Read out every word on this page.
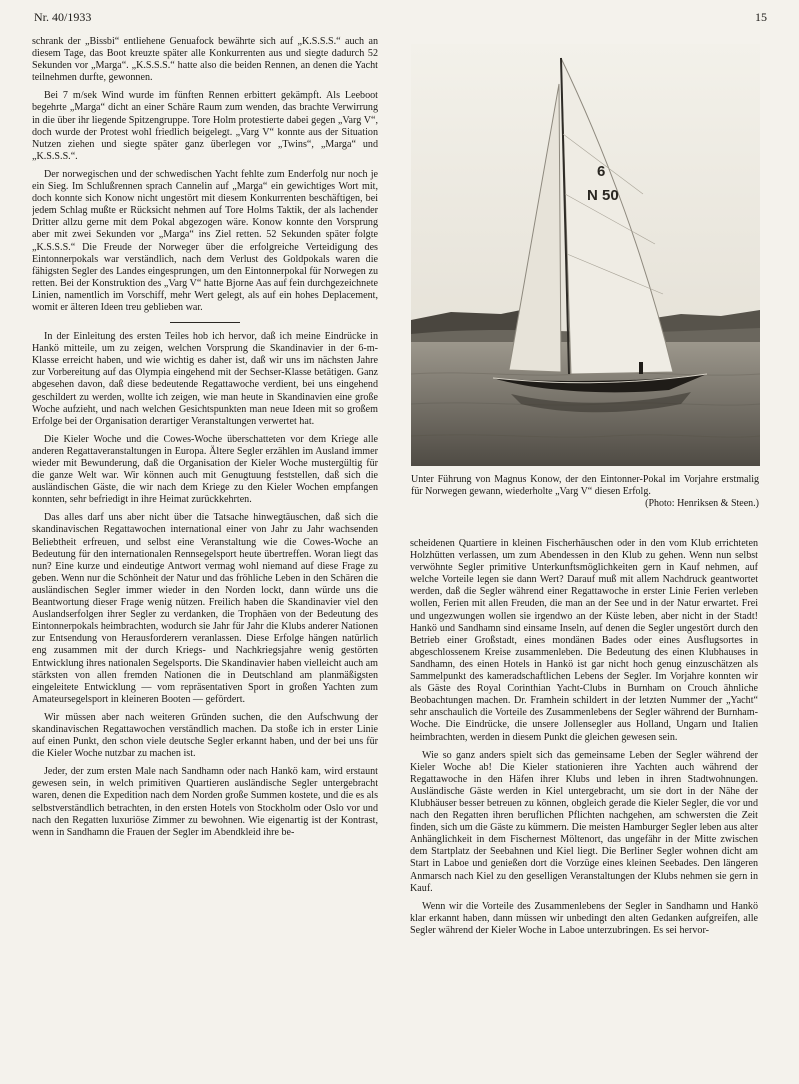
Nr. 40/1933	15

schrank der „Bissbi“ entliehene Genuafock bewährte sich auf „K.S.S.S.“ auch an diesem Tage, das Boot kreuzte später alle Konkurrenten aus und siegte dadurch 52 Sekunden vor „Marga“. „K.S.S.S.“ hatte also die beiden Rennen, an denen die Yacht teilnehmen durfte, gewonnen.

Bei 7 m/sek Wind wurde im fünften Rennen erbittert gekämpft. Als Leeboot begehrte „Marga“ dicht an einer Schäre Raum zum wenden, das brachte Verwirrung in die über ihr liegende Spitzengruppe. Tore Holm protestierte dabei gegen „Varg V“, doch wurde der Protest wohl friedlich beigelegt. „Varg V“ konnte aus der Situation Nutzen ziehen und siegte später ganz überlegen vor „Twins“, „Marga“ und „K.S.S.S.“.

Der norwegischen und der schwedischen Yacht fehlte zum Enderfolg nur noch je ein Sieg. Im Schlußrennen sprach Cannelin auf „Marga“ ein gewichtiges Wort mit, doch konnte sich Konow nicht ungestört mit diesem Konkurrenten beschäftigen, bei jedem Schlag mußte er Rücksicht nehmen auf Tore Holms Taktik, der als lachender Dritter allzu gerne mit dem Pokal abgezogen wäre. Konow konnte den Vorsprung aber mit zwei Sekunden vor „Marga“ ins Ziel retten. 52 Sekunden später folgte „K.S.S.S.“ Die Freude der Norweger über die erfolgreiche Verteidigung des Eintonnerpokals war verständlich, nach dem Verlust des Goldpokals waren die fähigsten Segler des Landes eingesprungen, um den Eintonnerpokal für Norwegen zu retten. Bei der Konstruktion des „Varg V“ hatte Bjorne Aas auf fein durchgezeichnete Linien, namentlich im Vorschiff, mehr Wert gelegt, als auf ein hohes Deplacement, womit er älteren Ideen treu geblieben war.

In der Einleitung des ersten Teiles hob ich hervor, daß ich meine Eindrücke in Hankö mitteile, um zu zeigen, welchen Vorsprung die Skandinavier in der 6-m-Klasse erreicht haben, und wie wichtig es daher ist, daß wir uns im nächsten Jahre zur Vorbereitung auf das Olympia eingehend mit der Sechser-Klasse betätigen. Ganz abgesehen davon, daß diese bedeutende Regattawoche verdient, bei uns eingehend geschildert zu werden, wollte ich zeigen, wie man heute in Skandinavien eine große Woche aufzieht, und nach welchen Gesichtspunkten man neue Ideen mit so großem Erfolge bei der Organisation derartiger Veranstaltungen verwertet hat.

Die Kieler Woche und die Cowes-Woche überschatteten vor dem Kriege alle anderen Regattaveranstaltungen in Europa. Ältere Segler erzählen im Ausland immer wieder mit Bewunderung, daß die Organisation der Kieler Woche mustergültig für die ganze Welt war. Wir können auch mit Genugtuung feststellen, daß sich die ausländischen Gäste, die wir nach dem Kriege zu den Kieler Wochen empfangen konnten, sehr befriedigt in ihre Heimat zurückkehrten.

Das alles darf uns aber nicht über die Tatsache hinwegtäuschen, daß sich die skandinavischen Regattawochen international einer von Jahr zu Jahr wachsenden Beliebtheit erfreuen, und selbst eine Veranstaltung wie die Cowes-Woche an Bedeutung für den internationalen Rennsegelsport heute übertreffen. Woran liegt das nun? Eine kurze und eindeutige Antwort vermag wohl niemand auf diese Frage zu geben. Wenn nur die Schönheit der Natur und das fröhliche Leben in den Schären die ausländischen Segler immer wieder in den Norden lockt, dann würde uns die Beantwortung dieser Frage wenig nützen. Freilich haben die Skandinavier viel den Auslandserfolgen ihrer Segler zu verdanken, die Trophäen von der Bedeutung des Eintonnerpokals heimbrachten, wodurch sie Jahr für Jahr die Klubs anderer Nationen zur Entsendung von Herausforderern veranlassen. Diese Erfolge hängen natürlich eng zusammen mit der durch Kriegs- und Nachkriegsjahre wenig gestörten Entwicklung ihres nationalen Segelsports. Die Skandinavier haben vielleicht auch am stärksten von allen fremden Nationen die in Deutschland am planmäßigsten eingeleitete Entwicklung — vom repräsentativen Sport in großen Yachten zum Amateursegelsport in kleineren Booten — gefördert.

Wir müssen aber nach weiteren Gründen suchen, die den Aufschwung der skandinavischen Regattawochen verständlich machen. Da stoße ich in erster Linie auf einen Punkt, den schon viele deutsche Segler erkannt haben, und der bei uns für die Kieler Woche nutzbar zu machen ist.

Jeder, der zum ersten Male nach Sandhamn oder nach Hankö kam, wird erstaunt gewesen sein, in welch primitiven Quartieren ausländische Segler untergebracht waren, denen die Expedition nach dem Norden große Summen kostete, und die es als selbstverständlich betrachten, in den ersten Hotels von Stockholm oder Oslo vor und nach den Regatten luxuriöse Zimmer zu bewohnen. Wie eigenartig ist der Kontrast, wenn in Sandhamn die Frauen der Segler im Abendkleid ihre be-

6
N 50
Unter Führung von Magnus Konow, der den Eintonner-Pokal im Vorjahre erstmalig für Norwegen gewann, wiederholte „Varg V“ diesen Erfolg.
(Photo: Henriksen & Steen.)

scheidenen Quartiere in kleinen Fischerhäuschen oder in den vom Klub errichteten Holzhütten verlassen, um zum Abendessen in den Klub zu gehen. Wenn nun selbst verwöhnte Segler primitive Unterkunftsmöglichkeiten gern in Kauf nehmen, auf welche Vorteile legen sie dann Wert? Darauf muß mit allem Nachdruck geantwortet werden, daß die Segler während einer Regattawoche in erster Linie Ferien verleben wollen, Ferien mit allen Freuden, die man an der See und in der Natur erwartet. Frei und ungezwungen wollen sie irgendwo an der Küste leben, aber nicht in der Stadt! Hankö und Sandhamn sind einsame Inseln, auf denen die Segler ungestört durch den Betrieb einer Großstadt, eines mondänen Bades oder eines Ausflugsortes in abgeschlossenem Kreise zusammenleben. Die Bedeutung des einen Klubhauses in Sandhamn, des einen Hotels in Hankö ist gar nicht hoch genug einzuschätzen als Sammelpunkt des kameradschaftlichen Lebens der Segler. Im Vorjahre konnten wir als Gäste des Royal Corinthian Yacht-Clubs in Burnham on Crouch ähnliche Beobachtungen machen. Dr. Framhein schildert in der letzten Nummer der „Yacht“ sehr anschaulich die Vorteile des Zusammenlebens der Segler während der Burnham-Woche. Die Eindrücke, die unsere Jollensegler aus Holland, Ungarn und Italien heimbrachten, werden in diesem Punkt die gleichen gewesen sein.

Wie so ganz anders spielt sich das gemeinsame Leben der Segler während der Kieler Woche ab! Die Kieler stationieren ihre Yachten auch während der Regattawoche in den Häfen ihrer Klubs und leben in ihren Stadtwohnungen. Ausländische Gäste werden in Kiel untergebracht, um sie dort in der Nähe der Klubhäuser besser betreuen zu können, obgleich gerade die Kieler Segler, die vor und nach den Regatten ihren beruflichen Pflichten nachgehen, am schwersten die Zeit finden, sich um die Gäste zu kümmern. Die meisten Hamburger Segler leben aus alter Anhänglichkeit in dem Fischernest Möltenort, das ungefähr in der Mitte zwischen dem Startplatz der Seebahnen und Kiel liegt. Die Berliner Segler wohnen dicht am Start in Laboe und genießen dort die Vorzüge eines kleinen Seebades. Den längeren Anmarsch nach Kiel zu den geselligen Veranstaltungen der Klubs nehmen sie gern in Kauf.

Wenn wir die Vorteile des Zusammenlebens der Segler in Sandhamn und Hankö klar erkannt haben, dann müssen wir unbedingt den alten Gedanken aufgreifen, alle Segler während der Kieler Woche in Laboe unterzubringen. Es sei hervor-
